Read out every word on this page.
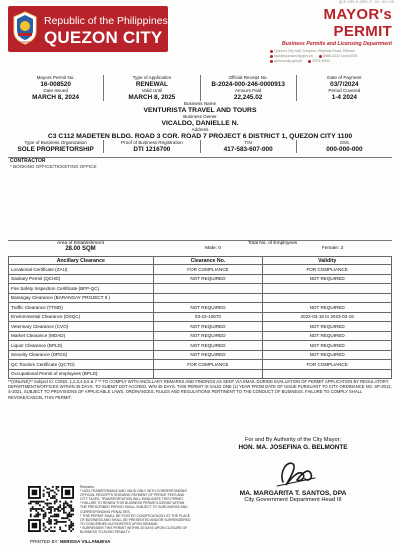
QCE-BPLO-BPO-F-02 05/25
QUEZON
Republic of the Philippines
QUEZON CITY
MAYOR's PERMIT
Business Permits and Licensing Department
Quezon City Hall Complex, Elliptical Road, Diliman
bplo@quezoncity.gov.ph	8988-4242 local 8205
quezoncity.gov.ph	8703-5000
Mayors Permit No.
16-008520
Type of Application
RENEWAL
Official Receipt No.
B-2024-000-246-0000913
Date of Payment
03/7/2024
Date Issued
MARCH 8, 2024
Valid Until
MARCH 8, 2025
Amount Paid
22,245.02
Period Covered
1-4 2024
Business Name
VENTURISTA TRAVEL AND TOURS
Business Owner
VICALDO, DANIELLE N.
Address
C3 C112 MADETEN BLDG. ROAD 3 COR. ROAD 7 PROJECT 6 DISTRICT 1, QUEZON CITY 1100
Type of Business Organization
SOLE PROPRIETORSHIP
Proof of Business Registration
DTI 1216700
TIN
417-583-607-000
SSS
000-000-000
CONTRACTOR
* BOOKING OFFICE/TICKETING OFFICE
Area of Establishment	Total No. of Employees
28.00 SQM	Male: 0	Female: 3
Ancillary Clearance	Clearance No.	Validity
Locational Certificate (ZAU)	FOR COMPLIANCE	FOR COMPLIANCE
Sanitary Permit (QCHD)	NOT REQUIRED	NOT REQUIRED
Fire Safety Inspection Certificate (BFP-QC)		
Barangay Clearance (BARANGAY PROJECT 6 )		
Traffic Clearance (TTMD)	NOT REQUIRED	NOT REQUIRED
Environmental Clearance (DSQC)	03-22-10670	2022-03-16 to 2023-03-16
Veterinary Clearance (CVO)	NOT REQUIRED	NOT REQUIRED
Market Clearance (MDAD)	NOT REQUIRED	NOT REQUIRED
Liquor Clearance (BPLD)	NOT REQUIRED	NOT REQUIRED
Security Clearance (DPOS)	NOT REQUIRED	NOT REQUIRED
QC Tourism Certificate (QCTO)	FOR COMPLIANCE	FOR COMPLIANCE
Occupational Permit of employees (BPLD):		
**(ONLINE)** Subject to: COND. 1,2,3,4,5,6 & 7 ** TO COMPLY WITH ANCILLARY REMARKS AND FINDINGS AS SENT VIA EMAIL DURING EVALUATION OF PERMIT APPLICATION BY REGULATORY DEPARTMENTS/OFFICES WITHIN 45 DAYS. TO SUBMIT DOT ACCRED. W/N 45 DAYS. THIS PERMIT IS VALID ONE (1) YEAR FROM DATE OF ISSUE PURSUANT TO CITY ORDINANCE NO. SP-3013, S-2021, SUBJECT TO PROVISIONS OF APPLICABLE LAWS, ORDINANCES, RULES AND REGULATIONS PERTINENT TO THE CONDUCT OF BUSINESS. FAILURE TO COMPLY SHALL REVOKE/CANCEL THIS PERMIT.
For and By Authority of the City Mayor:
HON. MA. JOSEFINA G. BELMONTE
MA. MARGARITA T. SANTOS, DPA
City Government Department Head III
Remarks:
* NON-TRANSFERABLE AND VALID ONLY WITH CORRESPONDING OFFICIAL RECEIPTS SHOWING PAYMENT OF PERMIT FEES AND CITY TAXES. TRANSPORTATION WILL INVALIDATE THIS PERMIT.
* FAILURE TO RENEW THIS BUSINESS PERMIT/LICENSE WITHIN THE PRESCRIBED PERIOD SHALL SUBJECT TO SURCHARGE AND CORRESPONDING PENALTIES.
* THIS PERMIT SHALL BE POSTED CONSPICUOUSLY AT THE PLACE OF BUSINESS AND SHALL BE PRESENTED AND/OR SURRENDERED TO CONCERNED AUTHORITIES UPON DEMAND.
* SURRENDER THIS PERMIT WITHIN 30 DAYS UPON CLOSURE OF BUSINESS TO AVOID PENALTY.
PRINTED BY: NERISSA VILLANUEVA
